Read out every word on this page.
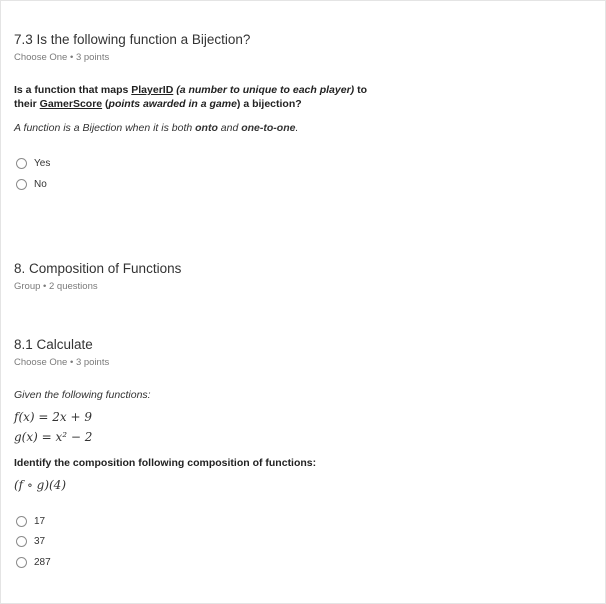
7.3 Is the following function a Bijection?
Choose One • 3 points
Is a function that maps PlayerID (a number to unique to each player) to
their GamerScore (points awarded in a game) a bijection?
A function is a Bijection when it is both onto and one-to-one.
Yes
No
8. Composition of Functions
Group • 2 questions
8.1 Calculate
Choose One • 3 points
Given the following functions:
f(x) = 2x + 9
g(x) = x² − 2
Identify the composition following composition of functions:
(f ∘ g)(4)
17
37
287
